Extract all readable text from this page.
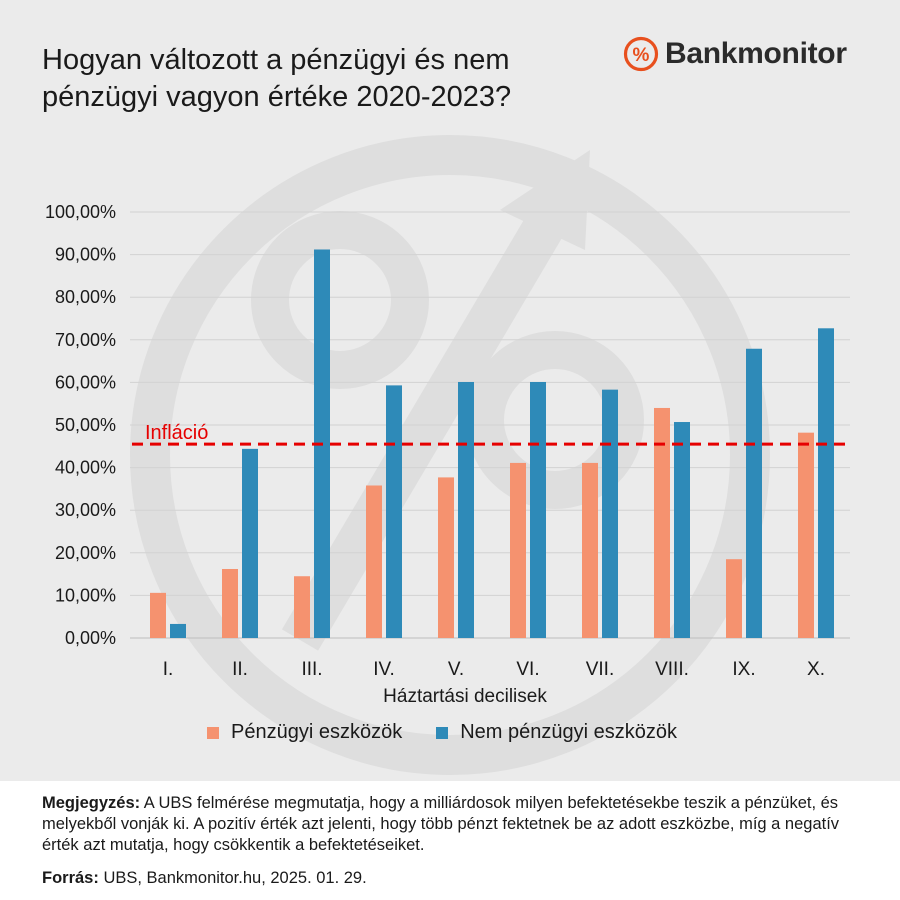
Hogyan változott a pénzügyi és nem
pénzügyi vagyon értéke 2020-2023?
% Bankmonitor
0,00%
10,00%
20,00%
30,00%
40,00%
50,00%
60,00%
70,00%
80,00%
90,00%
100,00%
Infláció
I.	II.	III.	IV.	V.	VI. VII. VIII. IX.	X.
Háztartási decilisek
Pénzügyi eszközök	Nem pénzügyi eszközök

Megjegyzés: A UBS felmérése megmutatja, hogy a milliárdosok milyen befektetésekbe teszik a pénzüket, és melyekből vonják ki. A pozitív érték azt jelenti, hogy több pénzt fektetnek be az adott eszközbe, míg a negatív érték azt mutatja, hogy csökkentik a befektetéseiket.

Forrás: UBS, Bankmonitor.hu, 2025. 01. 29.
